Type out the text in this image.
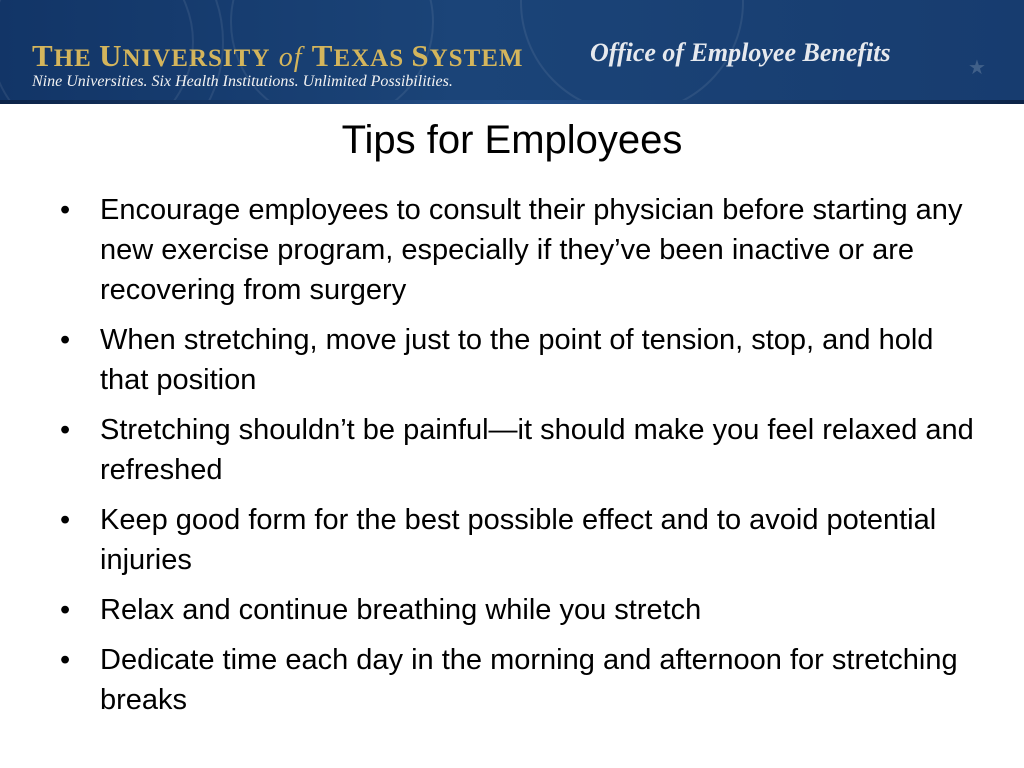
THE UNIVERSITY of TEXAS SYSTEM
Nine Universities. Six Health Institutions. Unlimited Possibilities.
Office of Employee Benefits	★
Tips for Employees
•	Encourage employees to consult their physician before starting any new exercise program, especially if they’ve been inactive or are recovering from surgery
•	When stretching, move just to the point of tension, stop, and hold that position
•	Stretching shouldn’t be painful—it should make you feel relaxed and refreshed
•	Keep good form for the best possible effect and to avoid potential injuries
•	Relax and continue breathing while you stretch
•	Dedicate time each day in the morning and afternoon for stretching breaks
